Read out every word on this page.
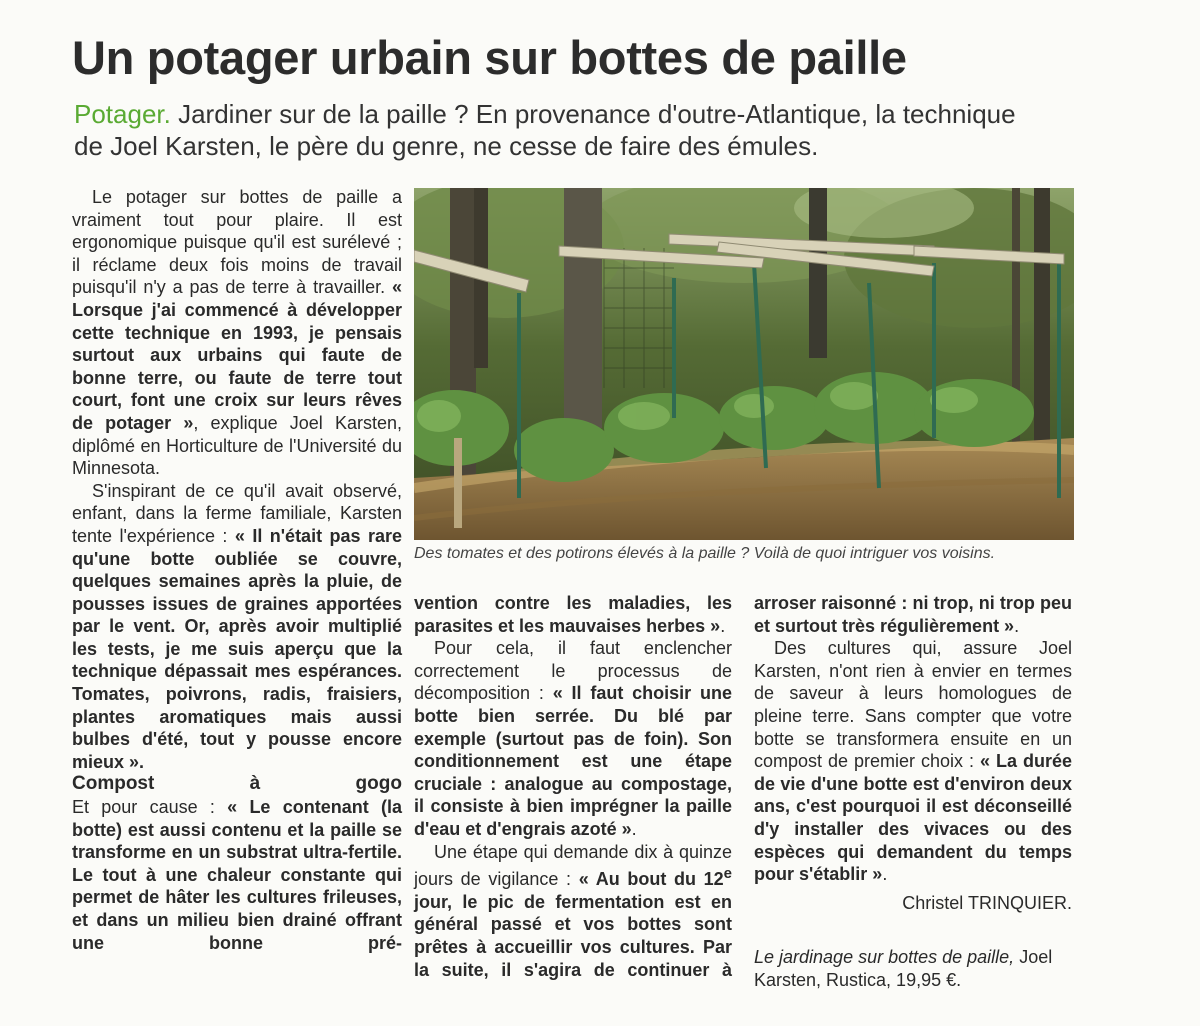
Un potager urbain sur bottes de paille

Potager. Jardiner sur de la paille ? En provenance d'outre-Atlantique, la technique
de Joel Karsten, le père du genre, ne cesse de faire des émules.

Le potager sur bottes de paille a vraiment tout pour plaire. Il est ergonomique puisque qu'il est surélevé ; il réclame deux fois moins de travail puisqu'il n'y a pas de terre à travailler. « Lorsque j'ai commencé à développer cette technique en 1993, je pensais surtout aux urbains qui faute de bonne terre, ou faute de terre tout court, font une croix sur leurs rêves de potager », explique Joel Karsten, diplômé en Horticulture de l'Université du Minnesota.

S'inspirant de ce qu'il avait observé, enfant, dans la ferme familiale, Karsten tente l'expérience : « Il n'était pas rare qu'une botte oubliée se couvre, quelques semaines après la pluie, de pousses issues de graines apportées par le vent. Or, après avoir multiplié les tests, je me suis aperçu que la technique dépassait mes espérances. Tomates, poivrons, radis, fraisiers, plantes aromatiques mais aussi bulbes d'été, tout y pousse encore mieux ».

Compost à gogo

Et pour cause : « Le contenant (la botte) est aussi contenu et la paille se transforme en un substrat ultra-fertile. Le tout à une chaleur constante qui permet de hâter les cultures frileuses, et dans un milieu bien drainé offrant une bonne pré-

Des tomates et des potirons élevés à la paille ? Voilà de quoi intriguer vos voisins.

vention contre les maladies, les parasites et les mauvaises herbes ».

Pour cela, il faut enclencher correctement le processus de décomposition : « Il faut choisir une botte bien serrée. Du blé par exemple (surtout pas de foin). Son conditionnement est une étape cruciale : analogue au compostage, il consiste à bien imprégner la paille d'eau et d'engrais azoté ».

Une étape qui demande dix à quinze jours de vigilance : « Au bout du 12e jour, le pic de fermentation est en général passé et vos bottes sont prêtes à accueillir vos cultures. Par la suite, il s'agira de continuer à

arroser raisonné : ni trop, ni trop peu et surtout très régulièrement ».

Des cultures qui, assure Joel Karsten, n'ont rien à envier en termes de saveur à leurs homologues de pleine terre. Sans compter que votre botte se transformera ensuite en un compost de premier choix : « La durée de vie d'une botte est d'environ deux ans, c'est pourquoi il est déconseillé d'y installer des vivaces ou des espèces qui demandent du temps pour s'établir ».

Christel TRINQUIER.

Le jardinage sur bottes de paille, Joel Karsten, Rustica, 19,95 €.
